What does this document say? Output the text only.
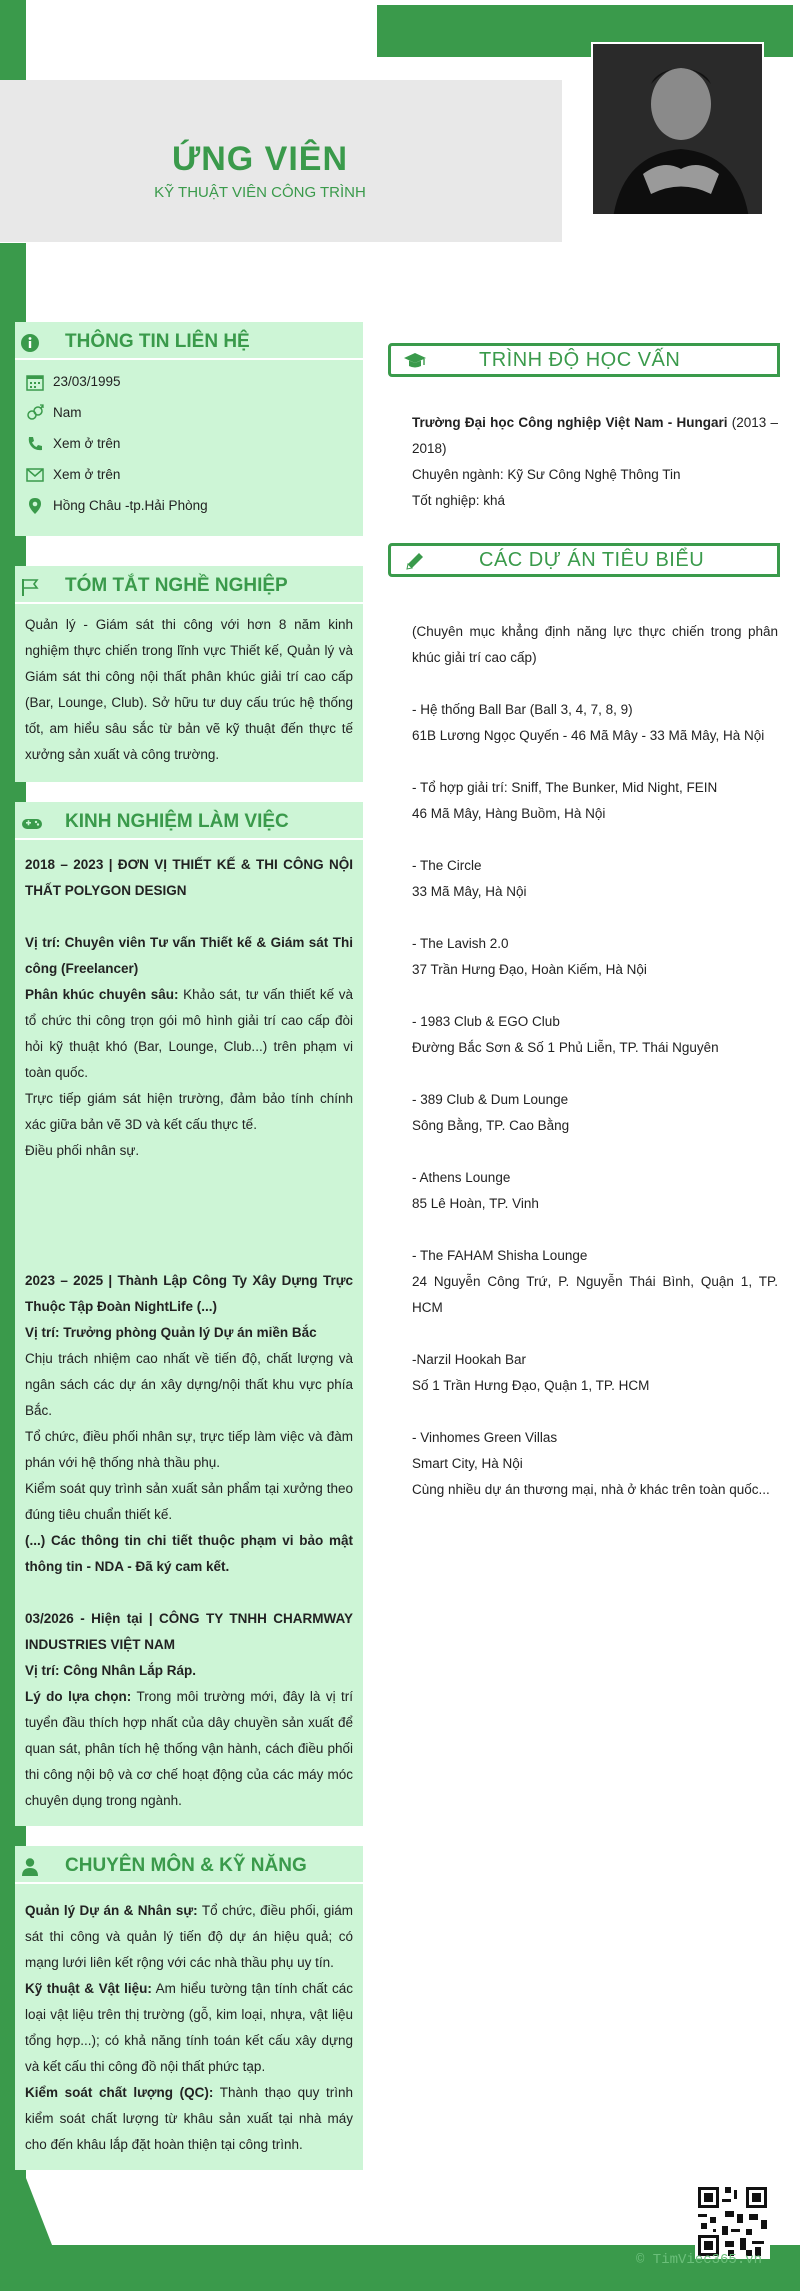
ỨNG VIÊN
KỸ THUẬT VIÊN CÔNG TRÌNH
THÔNG TIN LIÊN HỆ
23/03/1995
Nam
Xem ở trên
Xem ở trên
Hồng Châu -tp.Hải Phòng
TÓM TẮT NGHỀ NGHIỆP

Quản lý - Giám sát thi công với hơn 8 năm kinh nghiệm thực chiến trong lĩnh vực Thiết kế, Quản lý và Giám sát thi công nội thất phân khúc giải trí cao cấp (Bar, Lounge, Club). Sở hữu tư duy cấu trúc hệ thống tốt, am hiểu sâu sắc từ bản vẽ kỹ thuật đến thực tế xưởng sản xuất và công trường.

KINH NGHIỆM LÀM VIỆC

2018 – 2023 | ĐƠN VỊ THIẾT KẾ & THI CÔNG NỘI THẤT POLYGON DESIGN

Vị trí: Chuyên viên Tư vấn Thiết kế & Giám sát Thi công (Freelancer)

Phân khúc chuyên sâu: Khảo sát, tư vấn thiết kế và tổ chức thi công trọn gói mô hình giải trí cao cấp đòi hỏi kỹ thuật khó (Bar, Lounge, Club...) trên phạm vi toàn quốc.

Trực tiếp giám sát hiện trường, đảm bảo tính chính xác giữa bản vẽ 3D và kết cấu thực tế.

Điều phối nhân sự.

2023 – 2025 | Thành Lập Công Ty Xây Dựng Trực Thuộc Tập Đoàn NightLife (...)

Vị trí: Trưởng phòng Quản lý Dự án miền Bắc

Chịu trách nhiệm cao nhất về tiến độ, chất lượng và ngân sách các dự án xây dựng/nội thất khu vực phía Bắc.

Tổ chức, điều phối nhân sự, trực tiếp làm việc và đàm phán với hệ thống nhà thầu phụ.

Kiểm soát quy trình sản xuất sản phẩm tại xưởng theo đúng tiêu chuẩn thiết kế.

(...) Các thông tin chi tiết thuộc phạm vi bảo mật thông tin - NDA - Đã ký cam kết.

03/2026 - Hiện tại | CÔNG TY TNHH CHARMWAY INDUSTRIES VIỆT NAM

Vị trí: Công Nhân Lắp Ráp.

Lý do lựa chọn: Trong môi trường mới, đây là vị trí tuyển đầu thích hợp nhất của dây chuyền sản xuất để quan sát, phân tích hệ thống vận hành, cách điều phối thi công nội bộ và cơ chế hoạt động của các máy móc chuyên dụng trong ngành.

CHUYÊN MÔN & KỸ NĂNG

Quản lý Dự án & Nhân sự: Tổ chức, điều phối, giám sát thi công và quản lý tiến độ dự án hiệu quả; có mạng lưới liên kết rộng với các nhà thầu phụ uy tín.

Kỹ thuật & Vật liệu: Am hiểu tường tận tính chất các loại vật liệu trên thị trường (gỗ, kim loại, nhựa, vật liệu tổng hợp...); có khả năng tính toán kết cấu xây dựng và kết cấu thi công đồ nội thất phức tạp.

Kiểm soát chất lượng (QC): Thành thạo quy trình kiểm soát chất lượng từ khâu sản xuất tại nhà máy cho đến khâu lắp đặt hoàn thiện tại công trình.

TRÌNH ĐỘ HỌC VẤN

Trường Đại học Công nghiệp Việt Nam - Hungari (2013 – 2018)

Chuyên ngành: Kỹ Sư Công Nghệ Thông Tin

Tốt nghiệp: khá

CÁC DỰ ÁN TIÊU BIỂU

(Chuyên mục khẳng định năng lực thực chiến trong phân khúc giải trí cao cấp)

- Hệ thống Ball Bar (Ball 3, 4, 7, 8, 9)

61B Lương Ngọc Quyến - 46 Mã Mây - 33 Mã Mây, Hà Nội

- Tổ hợp giải trí: Sniff, The Bunker, Mid Night, FEIN

46 Mã Mây, Hàng Buồm, Hà Nội

- The Circle

33 Mã Mây, Hà Nội

- The Lavish 2.0

37 Trần Hưng Đạo, Hoàn Kiếm, Hà Nội

- 1983 Club & EGO Club

Đường Bắc Sơn & Số 1 Phủ Liễn, TP. Thái Nguyên

- 389 Club & Dum Lounge

Sông Bằng, TP. Cao Bằng

- Athens Lounge

85 Lê Hoàn, TP. Vinh

- The FAHAM Shisha Lounge

24 Nguyễn Công Trứ, P. Nguyễn Thái Bình, Quận 1, TP. HCM

-Narzil Hookah Bar

Số 1 Trần Hưng Đạo, Quận 1, TP. HCM

- Vinhomes Green Villas

Smart City, Hà Nội

Cùng nhiều dự án thương mại, nhà ở khác trên toàn quốc...

© TimViec365.vn
